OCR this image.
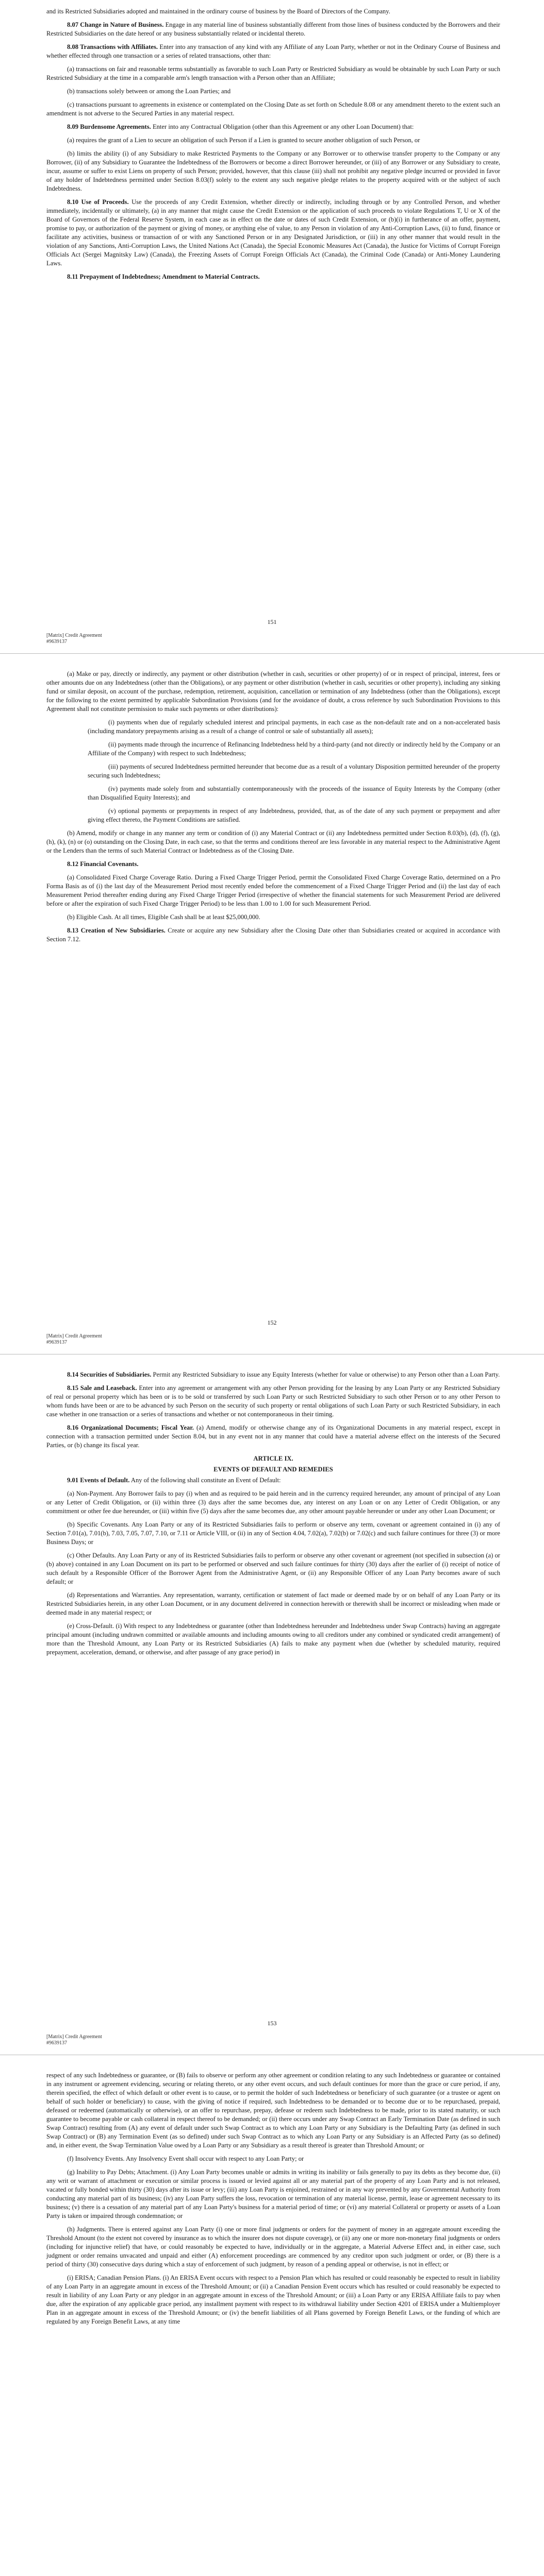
and its Restricted Subsidiaries adopted and maintained in the ordinary course of business by the Board of Directors of the Company.

8.07 Change in Nature of Business. Engage in any material line of business substantially different from those lines of business conducted by the Borrowers and their Restricted Subsidiaries on the date hereof or any business substantially related or incidental thereto.

8.08 Transactions with Affiliates. Enter into any transaction of any kind with any Affiliate of any Loan Party, whether or not in the Ordinary Course of Business and whether effected through one transaction or a series of related transactions, other than:

(a) transactions on fair and reasonable terms substantially as favorable to such Loan Party or Restricted Subsidiary as would be obtainable by such Loan Party or such Restricted Subsidiary at the time in a comparable arm's length transaction with a Person other than an Affiliate;

(b) transactions solely between or among the Loan Parties; and

(c) transactions pursuant to agreements in existence or contemplated on the Closing Date as set forth on Schedule 8.08 or any amendment thereto to the extent such an amendment is not adverse to the Secured Parties in any material respect.

8.09 Burdensome Agreements. Enter into any Contractual Obligation (other than this Agreement or any other Loan Document) that:

(a) requires the grant of a Lien to secure an obligation of such Person if a Lien is granted to secure another obligation of such Person, or

(b) limits the ability (i) of any Subsidiary to make Restricted Payments to the Company or any Borrower or to otherwise transfer property to the Company or any Borrower, (ii) of any Subsidiary to Guarantee the Indebtedness of the Borrowers or become a direct Borrower hereunder, or (iii) of any Borrower or any Subsidiary to create, incur, assume or suffer to exist Liens on property of such Person; provided, however, that this clause (iii) shall not prohibit any negative pledge incurred or provided in favor of any holder of Indebtedness permitted under Section 8.03(f) solely to the extent any such negative pledge relates to the property acquired with or the subject of such Indebtedness.

8.10 Use of Proceeds. Use the proceeds of any Credit Extension, whether directly or indirectly, including through or by any Controlled Person, and whether immediately, incidentally or ultimately, (a) in any manner that might cause the Credit Extension or the application of such proceeds to violate Regulations T, U or X of the Board of Governors of the Federal Reserve System, in each case as in effect on the date or dates of such Credit Extension, or (b)(i) in furtherance of an offer, payment, promise to pay, or authorization of the payment or giving of money, or anything else of value, to any Person in violation of any Anti-Corruption Laws, (ii) to fund, finance or facilitate any activities, business or transaction of or with any Sanctioned Person or in any Designated Jurisdiction, or (iii) in any other manner that would result in the violation of any Sanctions, Anti-Corruption Laws, the United Nations Act (Canada), the Special Economic Measures Act (Canada), the Justice for Victims of Corrupt Foreign Officials Act (Sergei Magnitsky Law) (Canada), the Freezing Assets of Corrupt Foreign Officials Act (Canada), the Criminal Code (Canada) or Anti-Money Laundering Laws.

8.11 Prepayment of Indebtedness; Amendment to Material Contracts.

151
[Matrix] Credit Agreement
#9639137

(a) Make or pay, directly or indirectly, any payment or other distribution (whether in cash, securities or other property) of or in respect of principal, interest, fees or other amounts due on any Indebtedness (other than the Obligations), or any payment or other distribution (whether in cash, securities or other property), including any sinking fund or similar deposit, on account of the purchase, redemption, retirement, acquisition, cancellation or termination of any Indebtedness (other than the Obligations), except for the following to the extent permitted by applicable Subordination Provisions (and for the avoidance of doubt, a cross reference by such Subordination Provisions to this Agreement shall not constitute permission to make such payments or other distributions):

(i) payments when due of regularly scheduled interest and principal payments, in each case as the non-default rate and on a non-accelerated basis (including mandatory prepayments arising as a result of a change of control or sale of substantially all assets);

(ii) payments made through the incurrence of Refinancing Indebtedness held by a third-party (and not directly or indirectly held by the Company or an Affiliate of the Company) with respect to such Indebtedness;

(iii) payments of secured Indebtedness permitted hereunder that become due as a result of a voluntary Disposition permitted hereunder of the property securing such Indebtedness;

(iv) payments made solely from and substantially contemporaneously with the proceeds of the issuance of Equity Interests by the Company (other than Disqualified Equity Interests); and

(v) optional payments or prepayments in respect of any Indebtedness, provided, that, as of the date of any such payment or prepayment and after giving effect thereto, the Payment Conditions are satisfied.

(b) Amend, modify or change in any manner any term or condition of (i) any Material Contract or (ii) any Indebtedness permitted under Section 8.03(b), (d), (f), (g), (h), (k), (n) or (o) outstanding on the Closing Date, in each case, so that the terms and conditions thereof are less favorable in any material respect to the Administrative Agent or the Lenders than the terms of such Material Contract or Indebtedness as of the Closing Date.

8.12 Financial Covenants.

(a) Consolidated Fixed Charge Coverage Ratio. During a Fixed Charge Trigger Period, permit the Consolidated Fixed Charge Coverage Ratio, determined on a Pro Forma Basis as of (i) the last day of the Measurement Period most recently ended before the commencement of a Fixed Charge Trigger Period and (ii) the last day of each Measurement Period thereafter ending during any Fixed Charge Trigger Period (irrespective of whether the financial statements for such Measurement Period are delivered before or after the expiration of such Fixed Charge Trigger Period) to be less than 1.00 to 1.00 for such Measurement Period.

(b) Eligible Cash. At all times, Eligible Cash shall be at least $25,000,000.

8.13 Creation of New Subsidiaries. Create or acquire any new Subsidiary after the Closing Date other than Subsidiaries created or acquired in accordance with Section 7.12.

152
[Matrix] Credit Agreement
#9639137

8.14 Securities of Subsidiaries. Permit any Restricted Subsidiary to issue any Equity Interests (whether for value or otherwise) to any Person other than a Loan Party.

8.15 Sale and Leaseback. Enter into any agreement or arrangement with any other Person providing for the leasing by any Loan Party or any Restricted Subsidiary of real or personal property which has been or is to be sold or transferred by such Loan Party or such Restricted Subsidiary to such other Person or to any other Person to whom funds have been or are to be advanced by such Person on the security of such property or rental obligations of such Loan Party or such Restricted Subsidiary, in each case whether in one transaction or a series of transactions and whether or not contemporaneous in their timing.

8.16 Organizational Documents; Fiscal Year. (a) Amend, modify or otherwise change any of its Organizational Documents in any material respect, except in connection with a transaction permitted under Section 8.04, but in any event not in any manner that could have a material adverse effect on the interests of the Secured Parties, or (b) change its fiscal year.

ARTICLE IX.
EVENTS OF DEFAULT AND REMEDIES

9.01 Events of Default. Any of the following shall constitute an Event of Default:

(a) Non-Payment. Any Borrower fails to pay (i) when and as required to be paid herein and in the currency required hereunder, any amount of principal of any Loan or any Letter of Credit Obligation, or (ii) within three (3) days after the same becomes due, any interest on any Loan or on any Letter of Credit Obligation, or any commitment or other fee due hereunder, or (iii) within five (5) days after the same becomes due, any other amount payable hereunder or under any other Loan Document; or

(b) Specific Covenants. Any Loan Party or any of its Restricted Subsidiaries fails to perform or observe any term, covenant or agreement contained in (i) any of Section 7.01(a), 7.01(b), 7.03, 7.05, 7.07, 7.10, or 7.11 or Article VIII, or (ii) in any of Section 4.04, 7.02(a), 7.02(b) or 7.02(c) and such failure continues for three (3) or more Business Days; or

(c) Other Defaults. Any Loan Party or any of its Restricted Subsidiaries fails to perform or observe any other covenant or agreement (not specified in subsection (a) or (b) above) contained in any Loan Document on its part to be performed or observed and such failure continues for thirty (30) days after the earlier of (i) receipt of notice of such default by a Responsible Officer of the Borrower Agent from the Administrative Agent, or (ii) any Responsible Officer of any Loan Party becomes aware of such default; or

(d) Representations and Warranties. Any representation, warranty, certification or statement of fact made or deemed made by or on behalf of any Loan Party or its Restricted Subsidiaries herein, in any other Loan Document, or in any document delivered in connection herewith or therewith shall be incorrect or misleading when made or deemed made in any material respect; or

(e) Cross-Default. (i) With respect to any Indebtedness or guarantee (other than Indebtedness hereunder and Indebtedness under Swap Contracts) having an aggregate principal amount (including undrawn committed or available amounts and including amounts owing to all creditors under any combined or syndicated credit arrangement) of more than the Threshold Amount, any Loan Party or its Restricted Subsidiaries (A) fails to make any payment when due (whether by scheduled maturity, required prepayment, acceleration, demand, or otherwise, and after passage of any grace period) in

153
[Matrix] Credit Agreement
#9639137

respect of any such Indebtedness or guarantee, or (B) fails to observe or perform any other agreement or condition relating to any such Indebtedness or guarantee or contained in any instrument or agreement evidencing, securing or relating thereto, or any other event occurs, and such default continues for more than the grace or cure period, if any, therein specified, the effect of which default or other event is to cause, or to permit the holder of such Indebtedness or beneficiary of such guarantee (or a trustee or agent on behalf of such holder or beneficiary) to cause, with the giving of notice if required, such Indebtedness to be demanded or to become due or to be repurchased, prepaid, defeased or redeemed (automatically or otherwise), or an offer to repurchase, prepay, defease or redeem such Indebtedness to be made, prior to its stated maturity, or such guarantee to become payable or cash collateral in respect thereof to be demanded; or (ii) there occurs under any Swap Contract an Early Termination Date (as defined in such Swap Contract) resulting from (A) any event of default under such Swap Contract as to which any Loan Party or any Subsidiary is the Defaulting Party (as defined in such Swap Contract) or (B) any Termination Event (as so defined) under such Swap Contract as to which any Loan Party or any Subsidiary is an Affected Party (as so defined) and, in either event, the Swap Termination Value owed by a Loan Party or any Subsidiary as a result thereof is greater than Threshold Amount; or

(f) Insolvency Events. Any Insolvency Event shall occur with respect to any Loan Party; or

(g) Inability to Pay Debts; Attachment. (i) Any Loan Party becomes unable or admits in writing its inability or fails generally to pay its debts as they become due, (ii) any writ or warrant of attachment or execution or similar process is issued or levied against all or any material part of the property of any Loan Party and is not released, vacated or fully bonded within thirty (30) days after its issue or levy; (iii) any Loan Party is enjoined, restrained or in any way prevented by any Governmental Authority from conducting any material part of its business; (iv) any Loan Party suffers the loss, revocation or termination of any material license, permit, lease or agreement necessary to its business; (v) there is a cessation of any material part of any Loan Party's business for a material period of time; or (vi) any material Collateral or property or assets of a Loan Party is taken or impaired through condemnation; or

(h) Judgments. There is entered against any Loan Party (i) one or more final judgments or orders for the payment of money in an aggregate amount exceeding the Threshold Amount (to the extent not covered by insurance as to which the insurer does not dispute coverage), or (ii) any one or more non-monetary final judgments or orders (including for injunctive relief) that have, or could reasonably be expected to have, individually or in the aggregate, a Material Adverse Effect and, in either case, such judgment or order remains unvacated and unpaid and either (A) enforcement proceedings are commenced by any creditor upon such judgment or order, or (B) there is a period of thirty (30) consecutive days during which a stay of enforcement of such judgment, by reason of a pending appeal or otherwise, is not in effect; or

(i) ERISA; Canadian Pension Plans. (i) An ERISA Event occurs with respect to a Pension Plan which has resulted or could reasonably be expected to result in liability of any Loan Party in an aggregate amount in excess of the Threshold Amount; or (ii) a Canadian Pension Event occurs which has resulted or could reasonably be expected to result in liability of any Loan Party or any pledgor in an aggregate amount in excess of the Threshold Amount; or (iii) a Loan Party or any ERISA Affiliate fails to pay when due, after the expiration of any applicable grace period, any installment payment with respect to its withdrawal liability under Section 4201 of ERISA under a Multiemployer Plan in an aggregate amount in excess of the Threshold Amount; or (iv) the benefit liabilities of all Plans governed by Foreign Benefit Laws, or the funding of which are regulated by any Foreign Benefit Laws, at any time
